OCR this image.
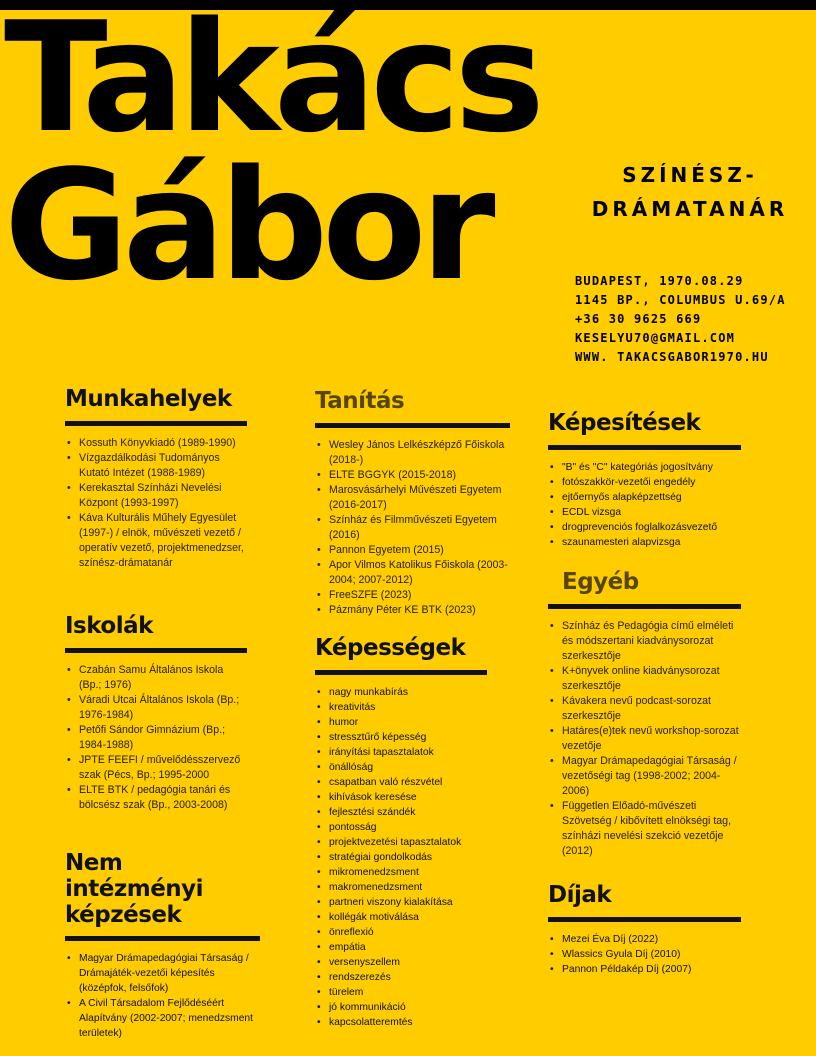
Takács
Gábor	SZÍNÉSZ-
DRÁMATANÁR
BUDAPEST, 1970.08.29
1145 BP., COLUMBUS U.69/A
+36 30 9625 669
KESELYU70@GMAIL.COM
WWW. TAKACSGABOR1970.HU
Munkahelyek
• Kossuth Könyvkiadó (1989-1990)
• Vízgazdálkodási Tudományos Kutató Intézet (1988-1989)
• Kerekasztal Színházi Nevelési Központ (1993-1997)
• Káva Kulturális Műhely Egyesület (1997-) / elnök, művészeti vezető / operatív vezető, projektmenedzser, színész-drámatanár
Iskolák
• Czabán Samu Általános Iskola (Bp.; 1976)
• Váradi Utcai Általános Iskola (Bp.; 1976-1984)
• Petőfi Sándor Gimnázium (Bp.; 1984-1988)
• JPTE FEEFI / művelődésszervező szak (Pécs, Bp.; 1995-2000
• ELTE BTK / pedagógia tanári és bölcsész szak (Bp., 2003-2008)
Nem
intézményi
képzések
• Magyar Drámapedagógiai Társaság / Drámajáték-vezetői képesítés (középfok, felsőfok)
• A Civil Társadalom Fejlődéséért Alapítvány (2002-2007; menedzsment területek)
Tanítás
• Wesley János Lelkészképző Főiskola (2018-)
• ELTE BGGYK (2015-2018)
• Marosvásárhelyi Művészeti Egyetem (2016-2017)
• Színház és Filmművészeti Egyetem (2016)
• Pannon Egyetem (2015)
• Apor Vilmos Katolikus Főiskola (2003-2004; 2007-2012)
• FreeSZFE (2023)
• Pázmány Péter KE BTK (2023)
Képességek
• nagy munkabírás
• kreativitás
• humor
• stressztűrő képesség
• irányítási tapasztalatok
• önállóság
• csapatban való részvétel
• kihívások keresése
• fejlesztési szándék
• pontosság
• projektvezetési tapasztalatok
• stratégiai gondolkodás
• mikromenedzsment
• makromenedzsment
• partneri viszony kialakítása
• kollégák motiválása
• önreflexió
• empátia
• versenyszellem
• rendszerezés
• türelem
• jó kommunikáció
• kapcsolatteremtés
Képesítések
• "B" és "C" kategóriás jogosítvány
• fotószakkör-vezetői engedély
• ejtőernyős alapképzettség
• ECDL vizsga
• drogprevenciós foglalkozásvezető
• szaunamesteri alapvizsga
Egyéb
• Színház és Pedagógia című elméleti és módszertani kiadványsorozat szerkesztője
• K+önyvek online kiadványsorozat szerkesztője
• Kávakera nevű podcast-sorozat szerkesztője
• Határes(e)tek nevű workshop-sorozat vezetője
• Magyar Drámapedagógiai Társaság / vezetőségi tag (1998-2002; 2004-2006)
• Független Előadó-művészeti Szövetség / kibővített elnökségi tag, színházi nevelési szekció vezetője (2012)
Díjak
• Mezei Éva Díj (2022)
• Wlassics Gyula Díj (2010)
• Pannon Példakép Díj (2007)
